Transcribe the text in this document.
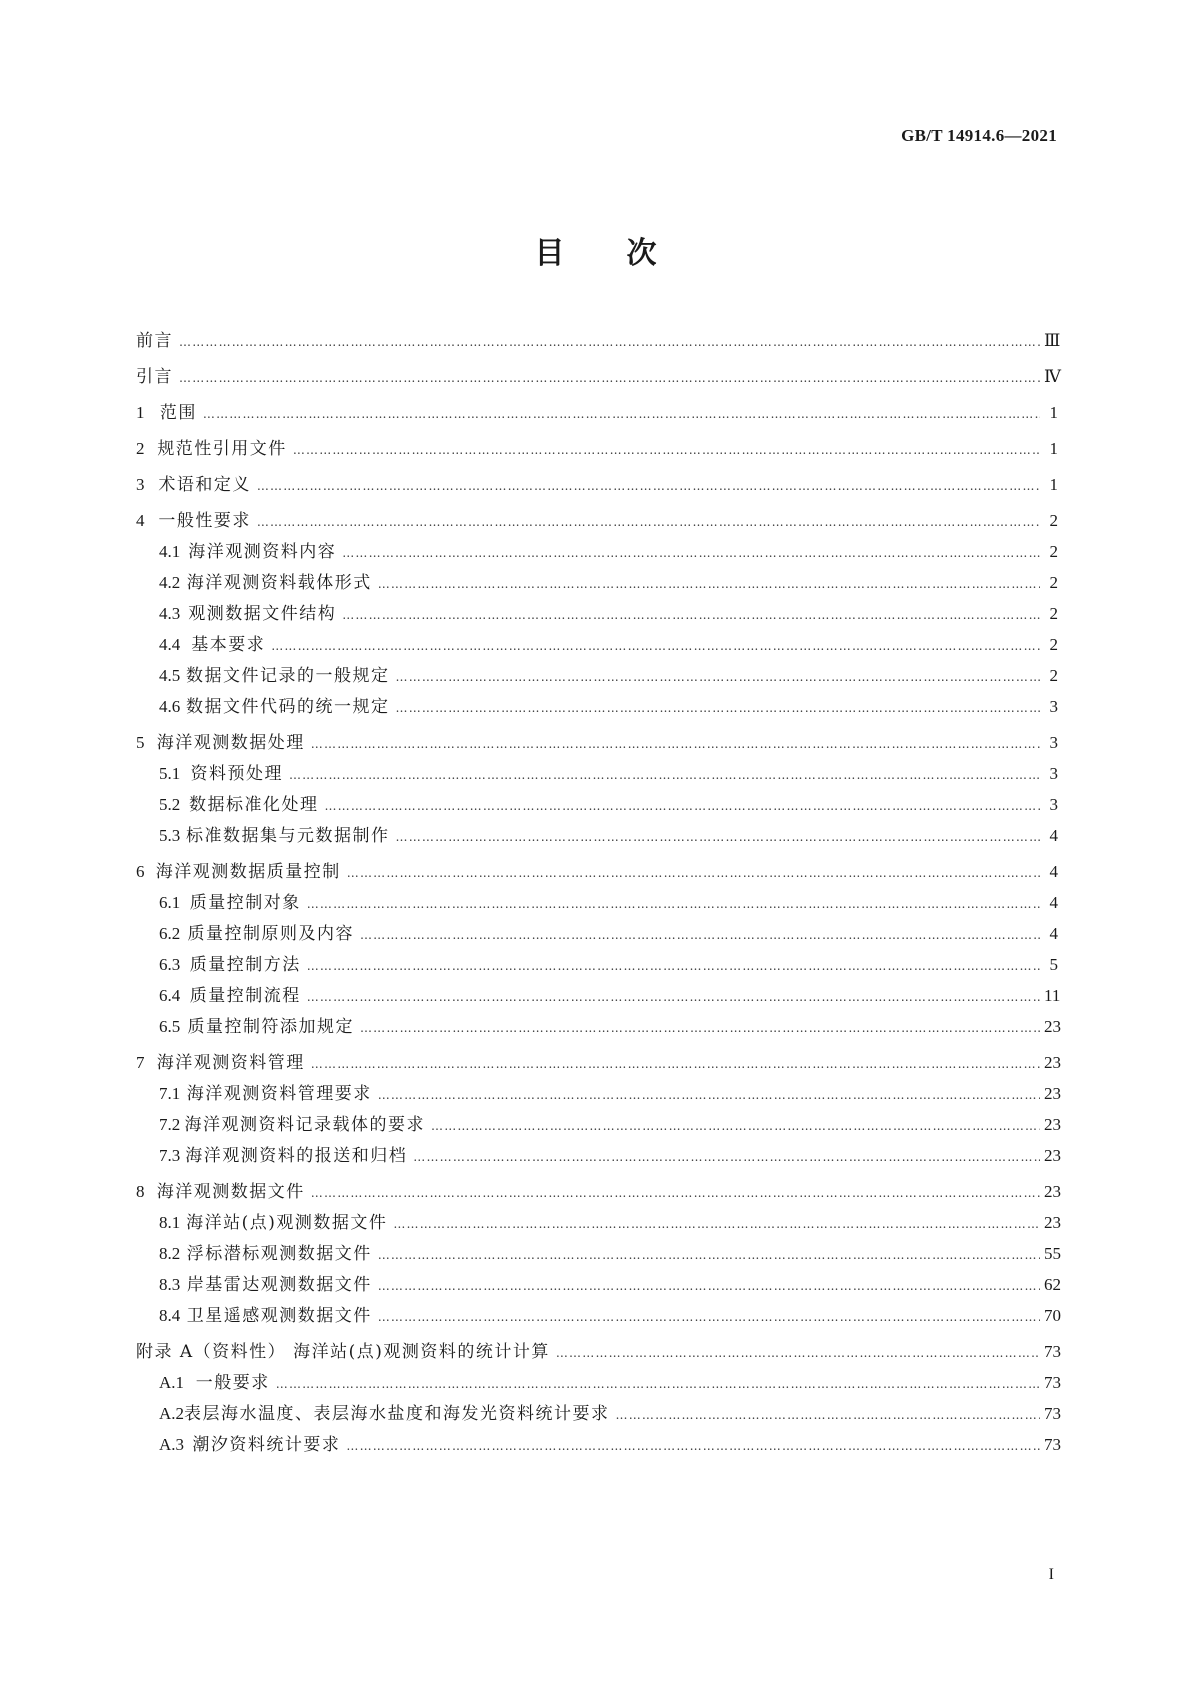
GB/T 14914.6—2021
目次
前言 …………………………………………………………………………………………………………………………………………………………………………………………………………………………………	Ⅲ
引言 …………………………………………………………………………………………………………………………………………………………………………………………………………………………………	Ⅳ
1 范围 …………………………………………………………………………………………………………………………………………………………………………………………………………………………………	1
2 规范性引用文件 …………………………………………………………………………………………………………………………………………………………………………………………………………………………………	1
3 术语和定义 …………………………………………………………………………………………………………………………………………………………………………………………………………………………………	1
4 一般性要求 …………………………………………………………………………………………………………………………………………………………………………………………………………………………………	2
4.1 海洋观测资料内容 …………………………………………………………………………………………………………………………………………………………………………………………………………………………………	2
4.2 海洋观测资料载体形式 …………………………………………………………………………………………………………………………………………………………………………………………………………………………………	2
4.3 观测数据文件结构 …………………………………………………………………………………………………………………………………………………………………………………………………………………………………	2
4.4 基本要求 …………………………………………………………………………………………………………………………………………………………………………………………………………………………………	2
4.5 数据文件记录的一般规定 …………………………………………………………………………………………………………………………………………………………………………………………………………………………………	2
4.6 数据文件代码的统一规定 …………………………………………………………………………………………………………………………………………………………………………………………………………………………………	3
5 海洋观测数据处理 …………………………………………………………………………………………………………………………………………………………………………………………………………………………………	3
5.1 资料预处理 …………………………………………………………………………………………………………………………………………………………………………………………………………………………………	3
5.2 数据标准化处理 …………………………………………………………………………………………………………………………………………………………………………………………………………………………………	3
5.3 标准数据集与元数据制作 …………………………………………………………………………………………………………………………………………………………………………………………………………………………………	4
6 海洋观测数据质量控制 …………………………………………………………………………………………………………………………………………………………………………………………………………………………………	4
6.1 质量控制对象 …………………………………………………………………………………………………………………………………………………………………………………………………………………………………	4
6.2 质量控制原则及内容 …………………………………………………………………………………………………………………………………………………………………………………………………………………………………	4
6.3 质量控制方法 …………………………………………………………………………………………………………………………………………………………………………………………………………………………………	5
6.4 质量控制流程 …………………………………………………………………………………………………………………………………………………………………………………………………………………………………	11
6.5 质量控制符添加规定 …………………………………………………………………………………………………………………………………………………………………………………………………………………………………	23
7 海洋观测资料管理 …………………………………………………………………………………………………………………………………………………………………………………………………………………………………	23
7.1 海洋观测资料管理要求 …………………………………………………………………………………………………………………………………………………………………………………………………………………………………	23
7.2 海洋观测资料记录载体的要求 …………………………………………………………………………………………………………………………………………………………………………………………………………………………………	23
7.3 海洋观测资料的报送和归档 …………………………………………………………………………………………………………………………………………………………………………………………………………………………………	23
8 海洋观测数据文件 …………………………………………………………………………………………………………………………………………………………………………………………………………………………………	23
8.1 海洋站(点)观测数据文件 …………………………………………………………………………………………………………………………………………………………………………………………………………………………………	23
8.2 浮标潜标观测数据文件 …………………………………………………………………………………………………………………………………………………………………………………………………………………………………	55
8.3 岸基雷达观测数据文件 …………………………………………………………………………………………………………………………………………………………………………………………………………………………………	62
8.4 卫星遥感观测数据文件 …………………………………………………………………………………………………………………………………………………………………………………………………………………………………	70
附录 A（资料性） 海洋站(点)观测资料的统计计算 …………………………………………………………………………………………………………………………………………………………………………………………………………………………………	73
A.1 一般要求 …………………………………………………………………………………………………………………………………………………………………………………………………………………………………	73
A.2 表层海水温度、表层海水盐度和海发光资料统计要求 …………………………………………………………………………………………………………………………………………………………………………………………………………………………………	73
A.3 潮汐资料统计要求 …………………………………………………………………………………………………………………………………………………………………………………………………………………………………	73
I
